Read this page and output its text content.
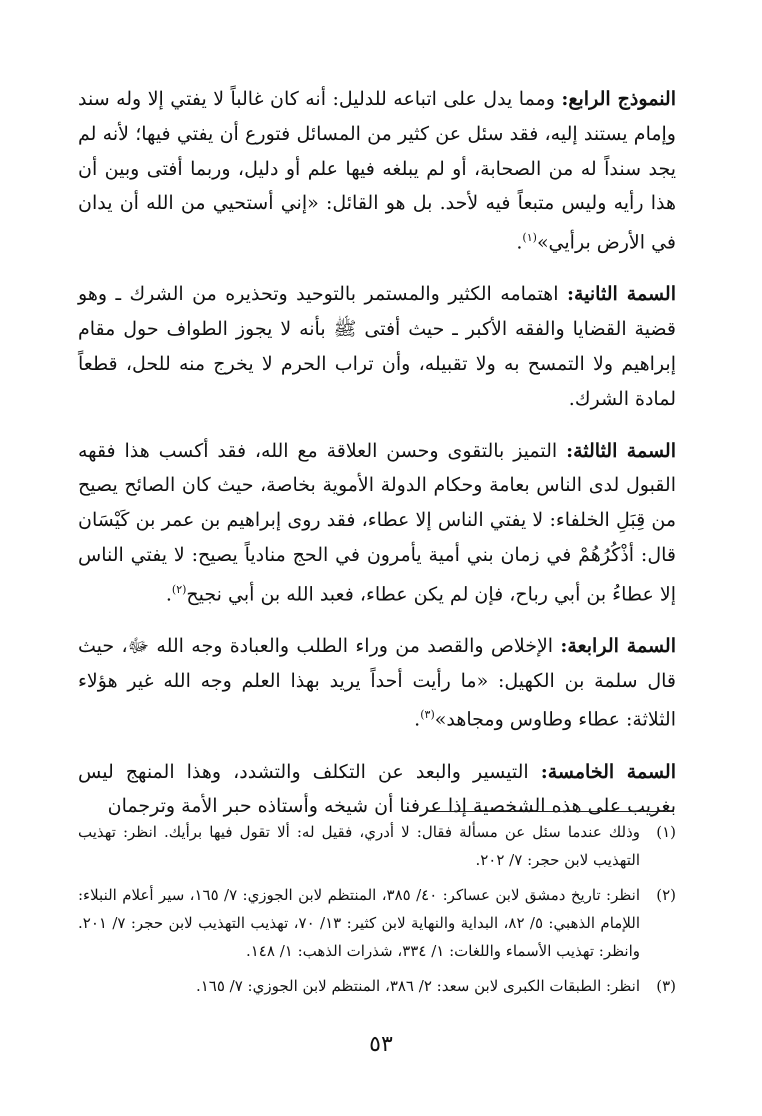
النموذج الرابع: ومما يدل على اتباعه للدليل: أنه كان غالباً لا يفتي إلا وله سند وإمام يستند إليه، فقد سئل عن كثير من المسائل فتورع أن يفتي فيها؛ لأنه لم يجد سنداً له من الصحابة، أو لم يبلغه فيها علم أو دليل، وربما أفتى وبين أن هذا رأيه وليس متبعاً فيه لأحد. بل هو القائل: «إني أستحيي من الله أن يدان في الأرض برأيي»$^{(١)}$.

السمة الثانية: اهتمامه الكثير والمستمر بالتوحيد وتحذيره من الشرك ـ وهو قضية القضايا والفقه الأكبر ـ حيث أفتى ﷺ بأنه لا يجوز الطواف حول مقام إبراهيم ولا التمسح به ولا تقبيله، وأن تراب الحرم لا يخرج منه للحل، قطعاً لمادة الشرك.

السمة الثالثة: التميز بالتقوى وحسن العلاقة مع الله، فقد أكسب هذا فقهه القبول لدى الناس بعامة وحكام الدولة الأموية بخاصة، حيث كان الصائح يصيح من قِبَلِ الخلفاء: لا يفتي الناس إلا عطاء، فقد روى إبراهيم بن عمر بن كَيْسَان قال: أذْكُرُهُمْ في زمان بني أمية يأمرون في الحج منادياً يصيح: لا يفتي الناس إلا عطاءُ بن أبي رباح، فإن لم يكن عطاء، فعبد الله بن أبي نجيح$^{(٢)}$.

السمة الرابعة: الإخلاص والقصد من وراء الطلب والعبادة وجه الله ﷻ، حيث قال سلمة بن الكهيل: «ما رأيت أحداً يريد بهذا العلم وجه الله غير هؤلاء الثلاثة: عطاء وطاوس ومجاهد»$^{(٣)}$.

السمة الخامسة: التيسير والبعد عن التكلف والتشدد، وهذا المنهج ليس بغريب على هذه الشخصية إذا عرفنا أن شيخه وأستاذه حبر الأمة وترجمان

(١)
وذلك عندما سئل عن مسألة فقال: لا أدري، فقيل له: ألا تقول فيها برأيك. انظر: تهذيب التهذيب لابن حجر: ٧/ ٢٠٢.

(٢)
انظر: تاريخ دمشق لابن عساكر: ٤٠/ ٣٨٥، المنتظم لابن الجوزي: ٧/ ١٦٥، سير أعلام النبلاء: اللإمام الذهبي: ٥/ ٨٢، البداية والنهاية لابن كثير: ١٣/ ٧٠، تهذيب التهذيب لابن حجر: ٧/ ٢٠١. وانظر: تهذيب الأسماء واللغات: ١/ ٣٣٤، شذرات الذهب: ١/ ١٤٨.

(٣)
انظر: الطبقات الكبرى لابن سعد: ٢/ ٣٨٦، المنتظم لابن الجوزي: ٧/ ١٦٥.

٥٣
